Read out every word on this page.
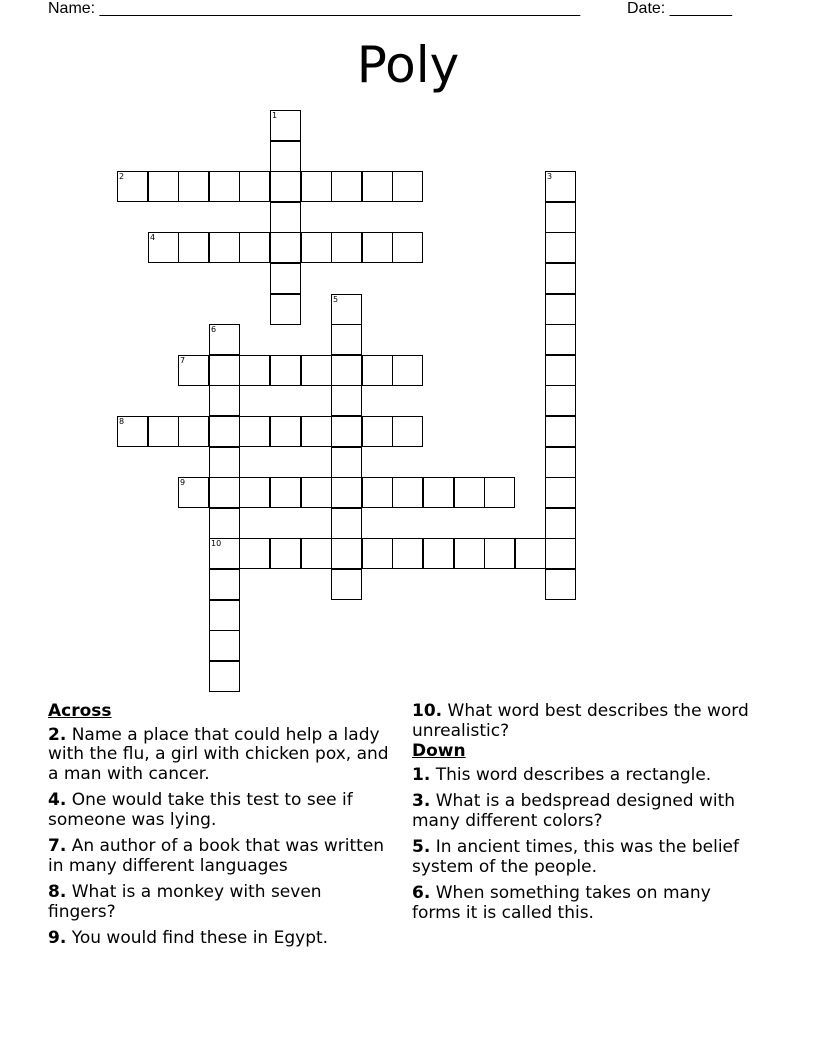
Name: ______________________________________________________	Date: _______
Poly
1
2	3
4
5
6
10
7
8
9
Across
2. Name a place that could help a lady with the flu, a girl with chicken pox, and a man with cancer.
4. One would take this test to see if someone was lying.
7. An author of a book that was written in many different languages
8. What is a monkey with seven fingers?
9. You would find these in Egypt.
10. What word best describes the word unrealistic?
Down
1. This word describes a rectangle.
3. What is a bedspread designed with many different colors?
5. In ancient times, this was the belief system of the people.
6. When something takes on many forms it is called this.
